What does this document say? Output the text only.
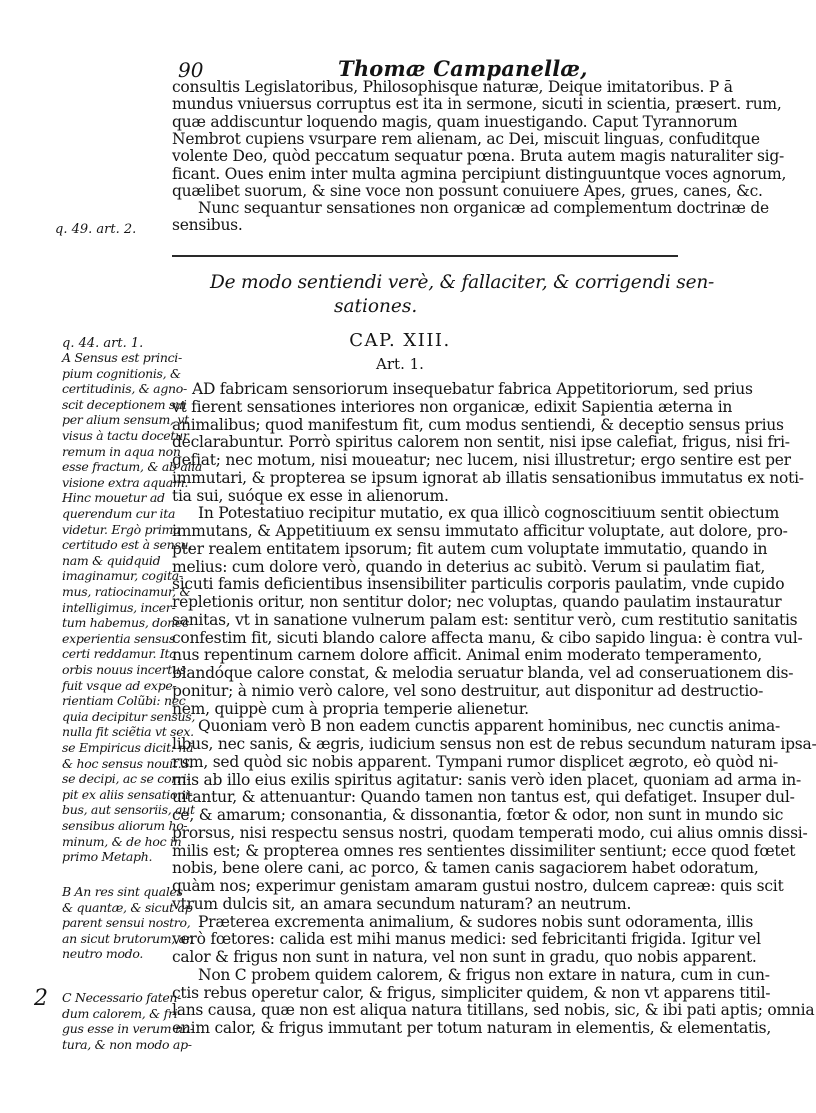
90	Thomæ Campanellæ,
consultis Legislatoribus, Philosophisque naturæ, Deique imitatoribus. P ā
mundus vniuersus corruptus est ita in sermone, sicuti in scientia, præsert. rum,
quæ addiscuntur loquendo magis, quam inuestigando. Caput Tyrannorum
Nembrot cupiens vsurpare rem alienam, ac Dei, miscuit linguas, confuditque
volente Deo, quòd peccatum sequatur pœna. Bruta autem magis naturaliter sig-
ficant. Oues enim inter multa agmina percipiunt distinguuntque voces agnorum,
quælibet suorum, & sine voce non possunt conuiuere Apes, grues, canes, &c.
Nunc sequantur sensationes non organicæ ad complementum doctrinæ de
sensibus.
q. 49. art. 2.
De modo sentiendi verè, & fallaciter, & corrigendi sen-
sationes.
CAP. XIII.
Art. 1.
q. 44. art. 1.
A Sensus est princi-
pium cognitionis, &
certitudinis, & agno-
scit deceptionem sui
per alium sensum, vt
visus à tactu docetur
remum in aqua non
esse fractum, & ab alia
visione extra aquam.
Hinc mouetur ad
querendum cur ita
videtur. Ergò prima
certitudo est à sensu,
nam & quidquid
imaginamur, cogita-
mus, ratiocinamur, &
intelligimus, incer-
tum habemus, donec
experientia sensus
certi reddamur. Ita
orbis nouus incertus
fuit vsque ad expe-
rientiam Colũbi: nec
quia decipitur sensus,
nulla fit sciẽtia vt sex.
se Empiricus dicit: nã
& hoc sensus nouit.S.
se decipi, ac se corri-
pit ex aliis sensationi-
bus, aut sensoriis, aut
sensibus aliorum ho-
minum, & de hoc in
primo Metaph.
B An res sint quales
& quantæ, & sicut ap
parent sensui nostro,
an sicut brutorum, an
neutro modo.
2 C Necessario faten-
dum calorem, & fri-
gus esse in verum na-
tura, & non modo ap-
AD fabricam sensoriorum insequebatur fabrica Appetitoriorum, sed prius
vt fierent sensationes interiores non organicæ, edixit Sapientia æterna in
animalibus; quod manifestum fit, cum modus sentiendi, & deceptio sensus prius
declarabuntur. Porrò spiritus calorem non sentit, nisi ipse calefiat, frigus, nisi fri-
gefiat; nec motum, nisi moueatur; nec lucem, nisi illustretur; ergo sentire est per
immutari, & propterea se ipsum ignorat ab illatis sensationibus immutatus ex noti-
tia sui, suóque ex esse in alienorum.
In Potestatiuo recipitur mutatio, ex qua illicò cognoscitiuum sentit obiectum
immutans, & Appetitiuum ex sensu immutato afficitur voluptate, aut dolore, pro-
pter realem entitatem ipsorum; fit autem cum voluptate immutatio, quando in
melius: cum dolore verò, quando in deterius ac subitò. Verum si paulatim fiat,
sicuti famis deficientibus insensibiliter particulis corporis paulatim, vnde cupido
repletionis oritur, non sentitur dolor; nec voluptas, quando paulatim instauratur
sanitas, vt in sanatione vulnerum palam est: sentitur verò, cum restitutio sanitatis
confestim fit, sicuti blando calore affecta manu, & cibo sapido lingua: è contra vul-
nus repentinum carnem dolore afficit. Animal enim moderato temperamento,
blandóque calore constat, & melodia seruatur blanda, vel ad conseruationem dis-
ponitur; à nimio verò calore, vel sono destruitur, aut disponitur ad destructio-
nem, quippè cum à propria temperie alienetur.
Quoniam verò B non eadem cunctis apparent hominibus, nec cunctis anima-
libus, nec sanis, & ægris, iudicium sensus non est de rebus secundum naturam ipsa-
rum, sed quòd sic nobis apparent. Tympani rumor displicet ægroto, eò quòd ni-
mis ab illo eius exilis spiritus agitatur: sanis verò iden placet, quoniam ad arma in-
uitantur, & attenuantur: Quando tamen non tantus est, qui defatiget. Insuper dul-
ce, & amarum; consonantia, & dissonantia, fœtor & odor, non sunt in mundo sic
prorsus, nisi respectu sensus nostri, quodam temperati modo, cui alius omnis dissi-
milis est; & propterea omnes res sentientes dissimiliter sentiunt; ecce quod fœtet
nobis, bene olere cani, ac porco, & tamen canis sagaciorem habet odoratum,
quàm nos; experimur genistam amaram gustui nostro, dulcem capreæ: quis scit
vtrum dulcis sit, an amara secundum naturam? an neutrum.
Præterea excrementa animalium, & sudores nobis sunt odoramenta, illis
verò fœtores: calida est mihi manus medici: sed febricitanti frigida. Igitur vel
calor & frigus non sunt in natura, vel non sunt in gradu, quo nobis apparent.
Non C probem quidem calorem, & frigus non extare in natura, cum in cun-
ctis rebus operetur calor, & frigus, simpliciter quidem, & non vt apparens titil-
lans causa, quæ non est aliqua natura titillans, sed nobis, sic, & ibi pati aptis; omnia
enim calor, & frigus immutant per totum naturam in elementis, & elementatis,
